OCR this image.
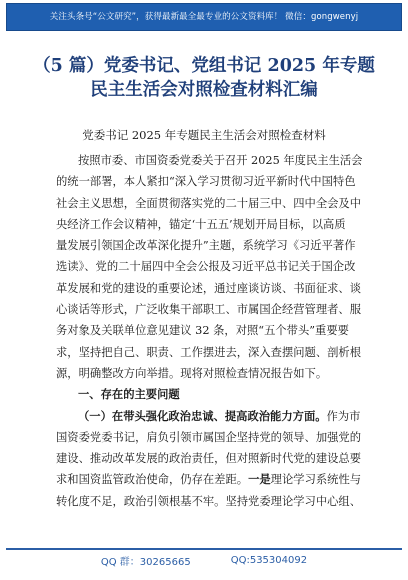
关注头条号“公文研究”，获得最新最全最专业的公文资料库！ 微信：gongwenyj
（5 篇）党委书记、党组书记 2025 年专题
民主生活会对照检查材料汇编
党委书记 2025 年专题民主生活会对照检查材料
按照市委、市国资委党委关于召开 2025 年度民主生活会
的统一部署，本人紧扣“深入学习贯彻习近平新时代中国特色
社会主义思想，全面贯彻落实党的二十届三中、四中全会及中
央经济工作会议精神，锚定‘十五五’规划开局目标，以高质
量发展引领国企改革深化提升”主题，系统学习《习近平著作
选读》、党的二十届四中全会公报及习近平总书记关于国企改
革发展和党的建设的重要论述，通过座谈访谈、书面征求、谈
心谈话等形式，广泛收集干部职工、市属国企经营管理者、服
务对象及关联单位意见建议 32 条，对照“五个带头”重要要
求，坚持把自己、职责、工作摆进去，深入查摆问题、剖析根
源，明确整改方向举措。现将对照检查情况报告如下。
一、存在的主要问题
（一）在带头强化政治忠诚、提高政治能力方面。作为市
国资委党委书记，肩负引领市属国企坚持党的领导、加强党的
建设、推动改革发展的政治责任，但对照新时代党的建设总要
求和国资监管政治使命，仍存在差距。一是理论学习系统性与
转化度不足，政治引领根基不牢。坚持党委理论学习中心组、
QQ 群：30265665	QQ:535304092
